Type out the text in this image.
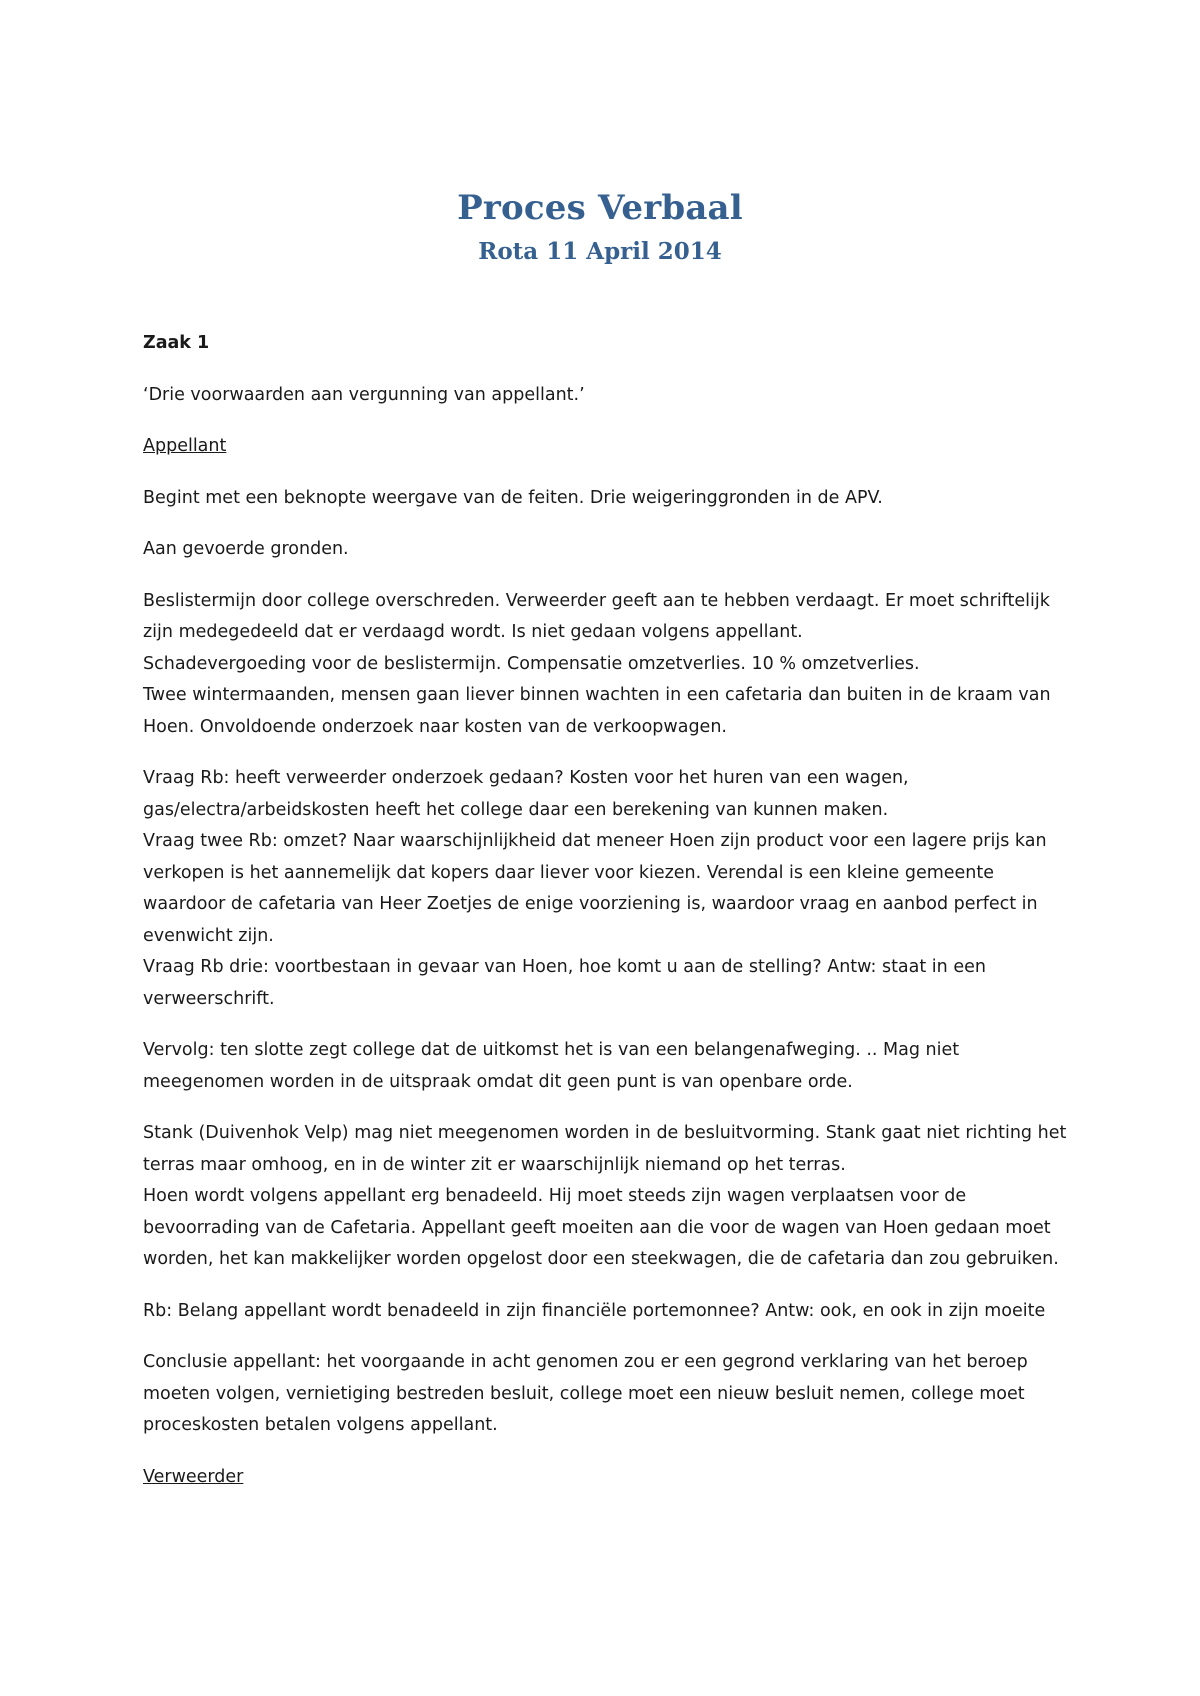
Proces Verbaal
Rota 11 April 2014

Zaak 1

‘Drie voorwaarden aan vergunning van appellant.’

Appellant

Begint met een beknopte weergave van de feiten. Drie weigeringgronden in de APV.

Aan gevoerde gronden.

Beslistermijn door college overschreden. Verweerder geeft aan te hebben verdaagt. Er moet schriftelijk zijn medegedeeld dat er verdaagd wordt. Is niet gedaan volgens appellant.
Schadevergoeding voor de beslistermijn. Compensatie omzetverlies. 10 % omzetverlies.
Twee wintermaanden, mensen gaan liever binnen wachten in een cafetaria dan buiten in de kraam van Hoen. Onvoldoende onderzoek naar kosten van de verkoopwagen.

Vraag Rb: heeft verweerder onderzoek gedaan? Kosten voor het huren van een wagen, gas/electra/arbeidskosten heeft het college daar een berekening van kunnen maken.
Vraag twee Rb: omzet? Naar waarschijnlijkheid dat meneer Hoen zijn product voor een lagere prijs kan verkopen is het aannemelijk dat kopers daar liever voor kiezen. Verendal is een kleine gemeente waardoor de cafetaria van Heer Zoetjes de enige voorziening is, waardoor vraag en aanbod perfect in evenwicht zijn.
Vraag Rb drie: voortbestaan in gevaar van Hoen, hoe komt u aan de stelling? Antw: staat in een verweerschrift.

Vervolg: ten slotte zegt college dat de uitkomst het is van een belangenafweging. .. Mag niet meegenomen worden in de uitspraak omdat dit geen punt is van openbare orde.

Stank (Duivenhok Velp) mag niet meegenomen worden in de besluitvorming. Stank gaat niet richting het terras maar omhoog, en in de winter zit er waarschijnlijk niemand op het terras.
Hoen wordt volgens appellant erg benadeeld. Hij moet steeds zijn wagen verplaatsen voor de bevoorrading van de Cafetaria. Appellant geeft moeiten aan die voor de wagen van Hoen gedaan moet worden, het kan makkelijker worden opgelost door een steekwagen, die de cafetaria dan zou gebruiken.

Rb: Belang appellant wordt benadeeld in zijn financiële portemonnee? Antw: ook, en ook in zijn moeite

Conclusie appellant: het voorgaande in acht genomen zou er een gegrond verklaring van het beroep moeten volgen, vernietiging bestreden besluit, college moet een nieuw besluit nemen, college moet proceskosten betalen volgens appellant.

Verweerder
